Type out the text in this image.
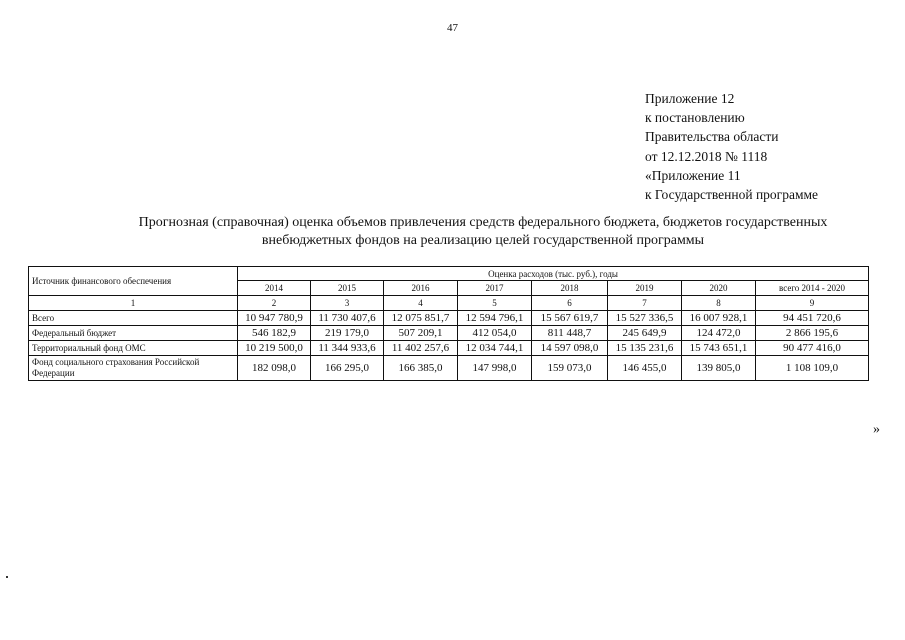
47
Приложение 12
к постановлению
Правительства области
от 12.12.2018 № 1118
«Приложение 11
к Государственной программе
Прогнозная (справочная) оценка объемов привлечения средств федерального бюджета, бюджетов государственных
внебюджетных фондов на реализацию целей государственной программы
Источник финансового обеспечения	Оценка расходов (тыс. руб.), годы							
	2014	2015	2016	2017	2018	2019	2020	всего 2014 - 2020
1	2	3	4	5	6	7	8	9
Всего	10 947 780,9	11 730 407,6	12 075 851,7	12 594 796,1	15 567 619,7	15 527 336,5	16 007 928,1	94 451 720,6
Федеральный бюджет	546 182,9	219 179,0	507 209,1	412 054,0	811 448,7	245 649,9	124 472,0	2 866 195,6
Территориальный фонд ОМС	10 219 500,0	11 344 933,6	11 402 257,6	12 034 744,1	14 597 098,0	15 135 231,6	15 743 651,1	90 477 416,0
Фонд социального страхования Российской Федерации	182 098,0	166 295,0	166 385,0	147 998,0	159 073,0	146 455,0	139 805,0	1 108 109,0
»
